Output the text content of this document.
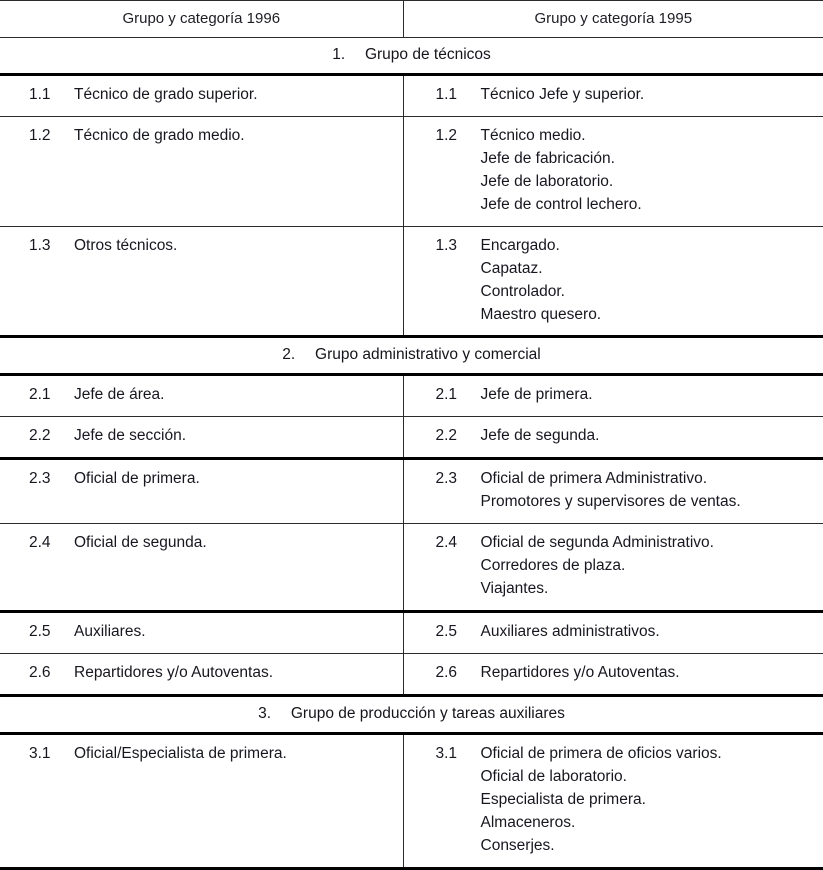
Grupo y categoría 1996	Grupo y categoría 1995
1.  Grupo de técnicos	

1.1 Técnico de grado superior.	1.1 Técnico Jefe y superior.

1.2	Técnico de grado medio.	1.2	Técnico medio.
Jefe de fabricación.
Jefe de laboratorio.
Jefe de control lechero.

1.3	Otros técnicos.	1.3	Encargado.
Capataz.
Controlador.
Maestro quesero.

2.  Grupo administrativo y comercial	

2.1 Jefe de área.	2.1 Jefe de primera.

2.2 Jefe de sección.	2.2 Jefe de segunda.

2.3	Oficial de primera.	2.3	Oficial de primera Administrativo.
Promotores y supervisores de ventas.

2.4	Oficial de segunda.	2.4	Oficial de segunda Administrativo.
Corredores de plaza.
Viajantes.

2.5 Auxiliares.	2.5 Auxiliares administrativos.

2.6 Repartidores y/o Autoventas.	2.6 Repartidores y/o Autoventas.

3.  Grupo de producción y tareas auxiliares	

3.1	Oficial/Especialista de primera.	3.1	Oficial de primera de oficios varios.
Oficial de laboratorio.
Especialista de primera.
Almaceneros.
Conserjes.
